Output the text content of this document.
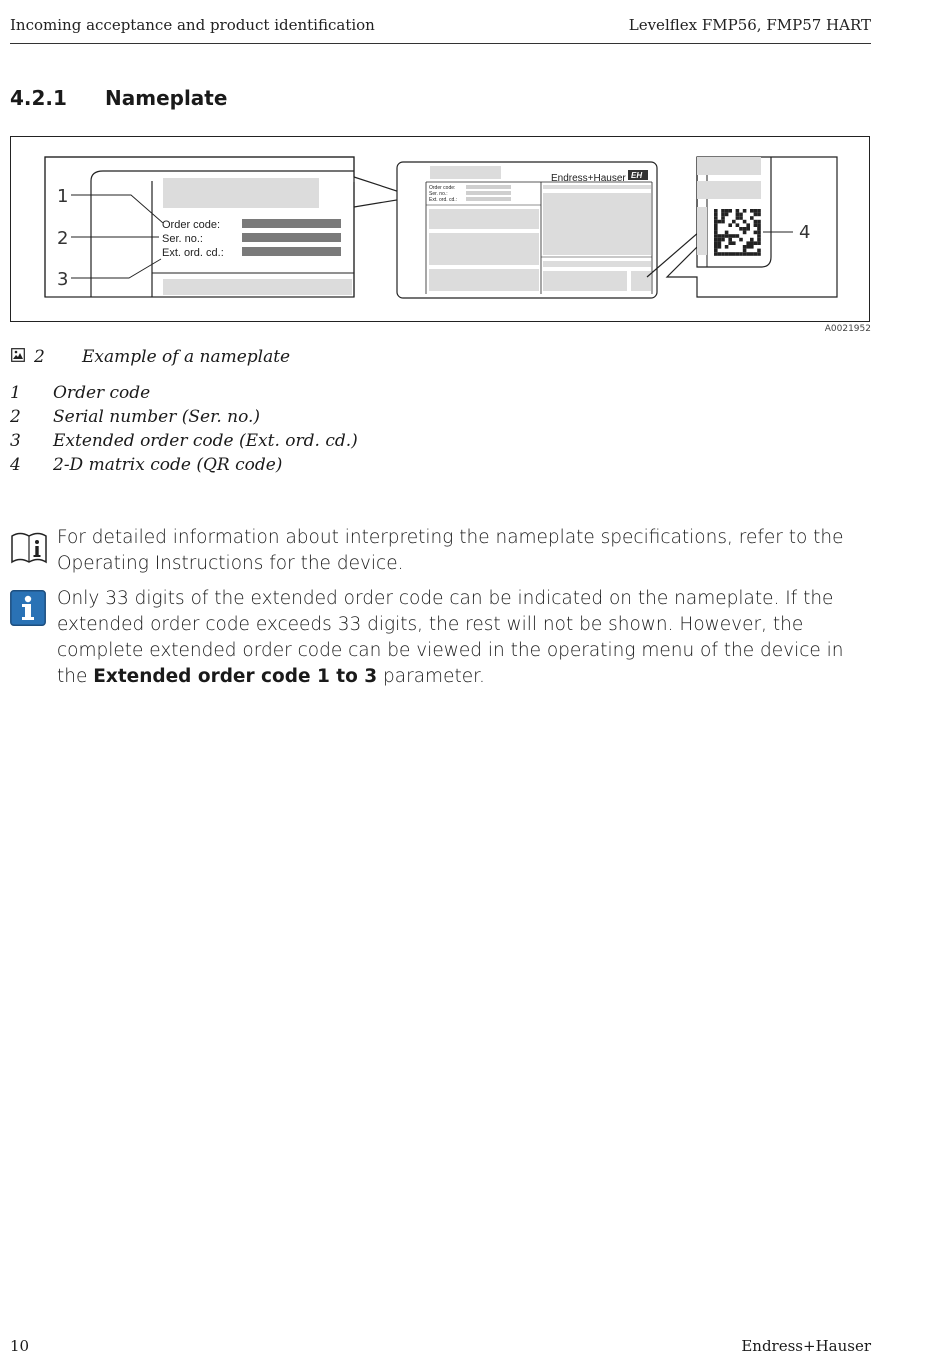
Incoming acceptance and product identification	Levelflex FMP56, FMP57 HART
4.2.1 Nameplate
Order code:
Ser. no.:
Ext. ord. cd.:
1
2
3
Endress+Hauser EH
Order code:
Ser. no.:
Ext. ord. cd.:
4
A0021952
2 Example of a nameplate
1 Order code
2 Serial number (Ser. no.)
3 Extended order code (Ext. ord. cd.)
4 2-D matrix code (QR code)
For detailed information about interpreting the nameplate specifications, refer to the Operating Instructions for the device.
Only 33 digits of the extended order code can be indicated on the nameplate. If the extended order code exceeds 33 digits, the rest will not be shown. However, the complete extended order code can be viewed in the operating menu of the device in the Extended order code 1 to 3 parameter.
10	Endress+Hauser
